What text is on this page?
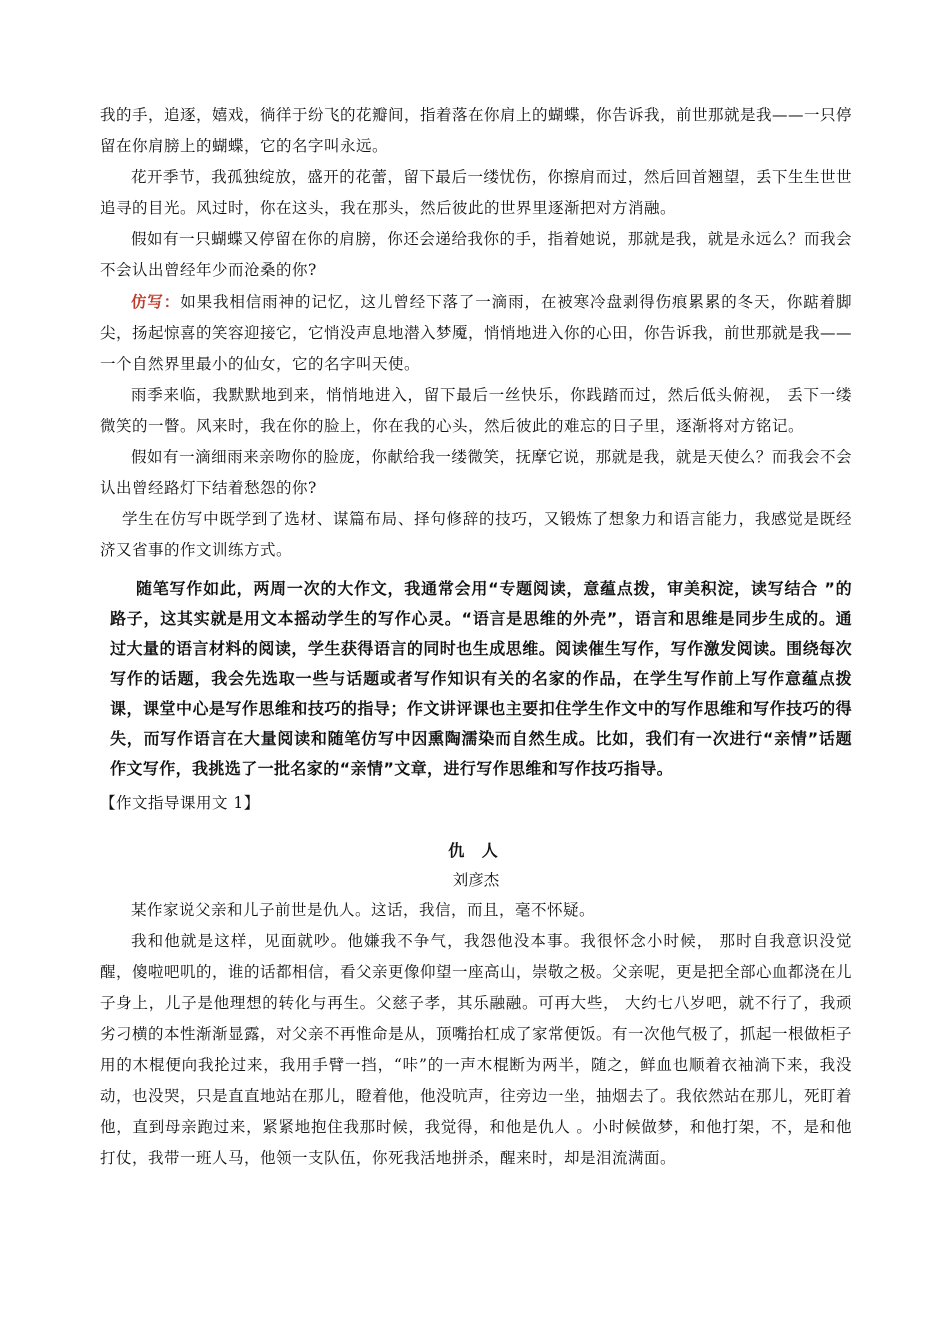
我的手，追逐，嬉戏，徜徉于纷飞的花瓣间，指着落在你肩上的蝴蝶，你告诉我，前世那就是我——一只停留在你肩膀上的蝴蝶，它的名字叫永远。

花开季节，我孤独绽放，盛开的花蕾，留下最后一缕忧伤，你擦肩而过，然后回首翘望，丢下生生世世追寻的目光。风过时，你在这头，我在那头，然后彼此的世界里逐渐把对方消融。

假如有一只蝴蝶又停留在你的肩膀，你还会递给我你的手，指着她说，那就是我，就是永远么？而我会不会认出曾经年少而沧桑的你?

仿写：如果我相信雨神的记忆，这儿曾经下落了一滴雨，在被寒冷盘剥得伤痕累累的冬天，你踮着脚尖，扬起惊喜的笑容迎接它，它悄没声息地潜入梦魇，悄悄地进入你的心田，你告诉我，前世那就是我——一个自然界里最小的仙女，它的名字叫天使。

雨季来临，我默默地到来，悄悄地进入，留下最后一丝快乐，你践踏而过，然后低头俯视， 丢下一缕微笑的一瞥。风来时，我在你的脸上，你在我的心头，然后彼此的难忘的日子里，逐渐将对方铭记。

假如有一滴细雨来亲吻你的脸庞，你献给我一缕微笑，抚摩它说，那就是我，就是天使么？而我会不会认出曾经路灯下结着愁怨的你?

学生在仿写中既学到了选材、谋篇布局、择句修辞的技巧，又锻炼了想象力和语言能力，我感觉是既经济又省事的作文训练方式。

随笔写作如此，两周一次的大作文，我通常会用“专题阅读，意蕴点拨，审美积淀，读写结合 ”的路子，这其实就是用文本摇动学生的写作心灵。“语言是思维的外壳”，语言和思维是同步生成的。通过大量的语言材料的阅读，学生获得语言的同时也生成思维。阅读催生写作，写作激发阅读。围绕每次写作的话题，我会先选取一些与话题或者写作知识有关的名家的作品，在学生写作前上写作意蕴点拨课，课堂中心是写作思维和技巧的指导；作文讲评课也主要扣住学生作文中的写作思维和写作技巧的得失，而写作语言在大量阅读和随笔仿写中因熏陶濡染而自然生成。比如，我们有一次进行“亲情”话题作文写作，我挑选了一批名家的“亲情”文章，进行写作思维和写作技巧指导。

【作文指导课用文 1】

仇 人
刘彦杰

某作家说父亲和儿子前世是仇人。这话，我信，而且，毫不怀疑。

我和他就是这样，见面就吵。他嫌我不争气，我怨他没本事。我很怀念小时候， 那时自我意识没觉醒，傻啦吧叽的，谁的话都相信，看父亲更像仰望一座高山，崇敬之极。父亲呢，更是把全部心血都浇在儿子身上，儿子是他理想的转化与再生。父慈子孝，其乐融融。可再大些， 大约七八岁吧，就不行了，我顽劣刁横的本性渐渐显露，对父亲不再惟命是从，顶嘴抬杠成了家常便饭。有一次他气极了，抓起一根做柜子用的木棍便向我抡过来，我用手臂一挡，“咔”的一声木棍断为两半，随之，鲜血也顺着衣袖淌下来，我没动，也没哭，只是直直地站在那儿，瞪着他，他没吭声，往旁边一坐，抽烟去了。我依然站在那儿，死盯着他，直到母亲跑过来，紧紧地抱住我那时候，我觉得，和他是仇人 。小时候做梦，和他打架，不，是和他打仗，我带一班人马，他领一支队伍，你死我活地拼杀，醒来时，却是泪流满面。
